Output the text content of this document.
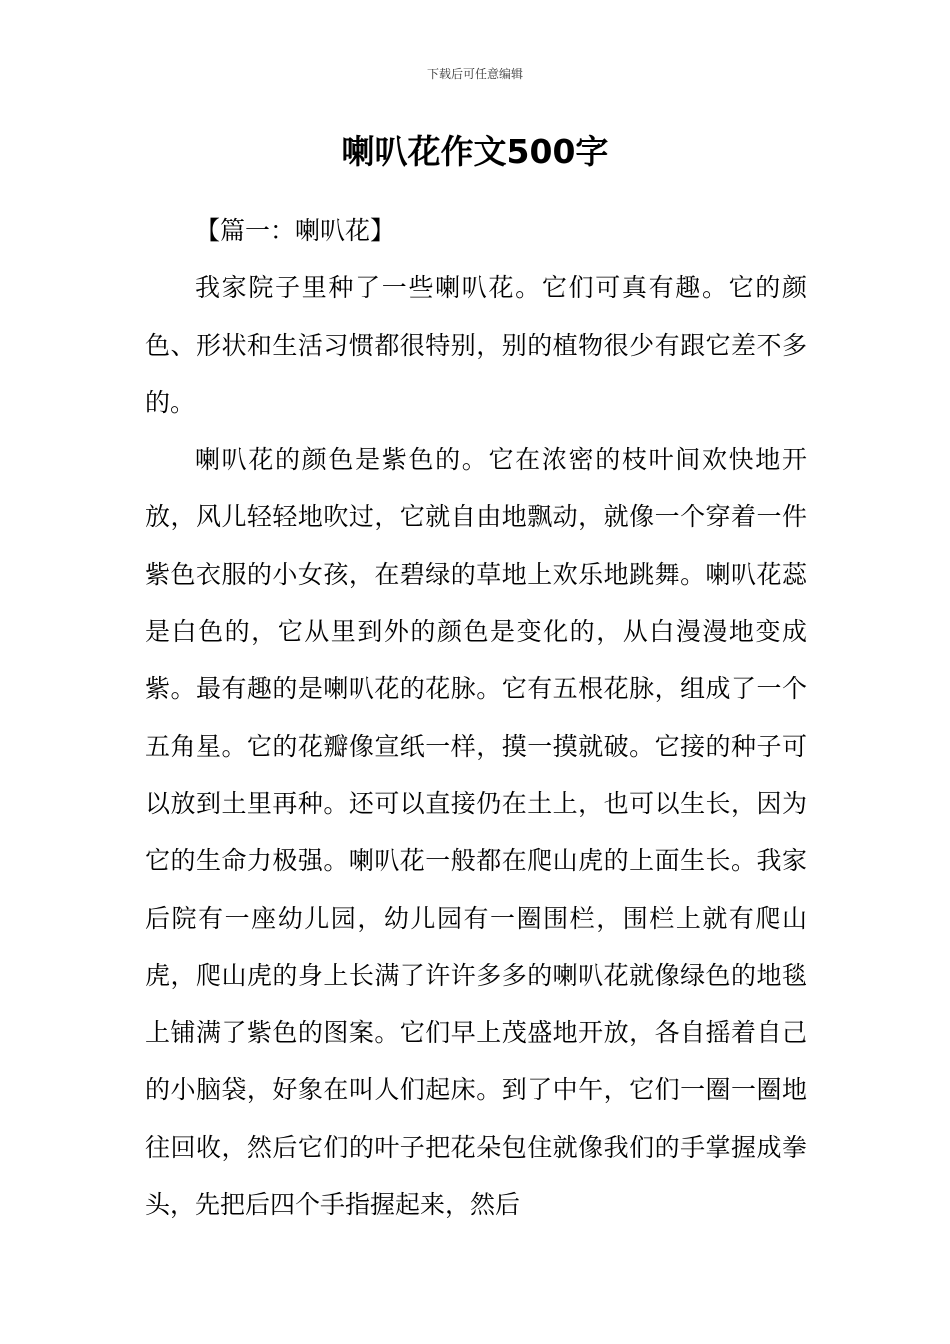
下载后可任意编辑
喇叭花作文500字

【篇一：喇叭花】

我家院子里种了一些喇叭花。它们可真有趣。它的颜色、形状和生活习惯都很特别，别的植物很少有跟它差不多的。

喇叭花的颜色是紫色的。它在浓密的枝叶间欢快地开放，风儿轻轻地吹过，它就自由地飘动，就像一个穿着一件紫色衣服的小女孩，在碧绿的草地上欢乐地跳舞。喇叭花蕊是白色的，它从里到外的颜色是变化的，从白漫漫地变成紫。最有趣的是喇叭花的花脉。它有五根花脉，组成了一个五角星。它的花瓣像宣纸一样，摸一摸就破。它接的种子可以放到土里再种。还可以直接仍在土上，也可以生长，因为它的生命力极强。喇叭花一般都在爬山虎的上面生长。我家后院有一座幼儿园，幼儿园有一圈围栏，围栏上就有爬山虎，爬山虎的身上长满了许许多多的喇叭花就像绿色的地毯上铺满了紫色的图案。它们早上茂盛地开放，各自摇着自己的小脑袋，好象在叫人们起床。到了中午，它们一圈一圈地往回收，然后它们的叶子把花朵包住就像我们的手掌握成拳头，先把后四个手指握起来，然后
